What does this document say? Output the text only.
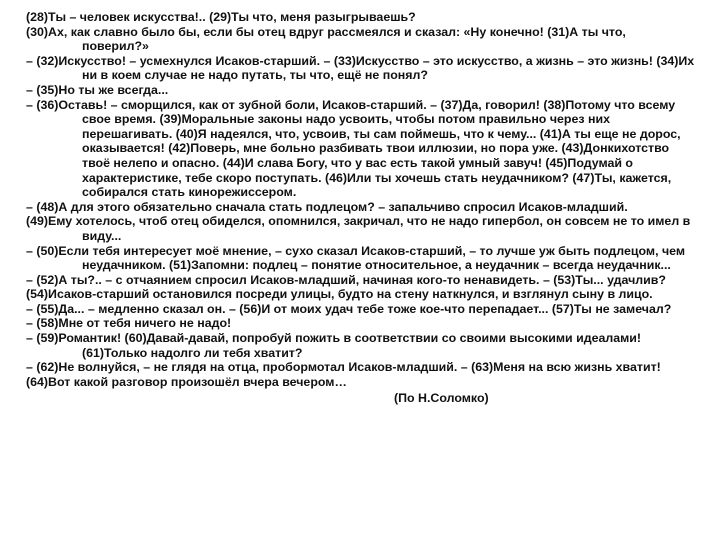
(28)Ты – человек искусства!.. (29)Ты что, меня разыгрываешь?

(30)Ах, как славно было бы, если бы отец вдруг рассмеялся и сказал: «Ну конечно! (31)А ты что, поверил?»

– (32)Искусство! – усмехнулся Исаков-старший. – (33)Искусство – это искусство, а жизнь – это жизнь! (34)Их ни в коем случае не надо путать, ты что, ещё не понял?

– (35)Но ты же всегда...

– (36)Оставь! – сморщился, как от зубной боли, Исаков-старший. – (37)Да, говорил! (38)Потому что всему свое время. (39)Моральные законы надо усвоить, чтобы потом правильно через них перешагивать. (40)Я надеялся, что, усвоив, ты сам поймешь, что к чему... (41)А ты еще не дорос, оказывается! (42)Поверь, мне больно разбивать твои иллюзии, но пора уже. (43)Донкихотство твоё нелепо и опасно. (44)И слава Богу, что у вас есть такой умный завуч! (45)Подумай о характеристике, тебе скоро поступать. (46)Или ты хочешь стать неудачником? (47)Ты, кажется, собирался стать кинорежиссером.

– (48)А для этого обязательно сначала стать подлецом? – запальчиво спросил Исаков-младший.

(49)Ему хотелось, чтоб отец обиделся, опомнился, закричал, что не надо гипербол, он совсем не то имел в виду...

– (50)Если тебя интересует моё мнение, – сухо сказал Исаков-старший, – то лучше уж быть подлецом, чем неудачником. (51)Запомни: подлец – понятие относительное, а неудачник – всегда неудачник...

– (52)А ты?.. – с отчаянием спросил Исаков-младший, начиная кого-то ненавидеть. – (53)Ты... удачлив?

(54)Исаков-старший остановился посреди улицы, будто на стену наткнулся, и взглянул сыну в лицо.

– (55)Да... – медленно сказал он. – (56)И от моих удач тебе тоже кое-что перепадает... (57)Ты не замечал?

– (58)Мне от тебя ничего не надо!

– (59)Романтик! (60)Давай-давай, попробуй пожить в соответствии со своими высокими идеалами!(61)Только надолго ли тебя хватит?

– (62)Не волнуйся, – не глядя на отца, пробормотал Исаков-младший. – (63)Меня на всю жизнь хватит!

(64)Вот какой разговор произошёл вчера вечером…

(По Н.Соломко)
